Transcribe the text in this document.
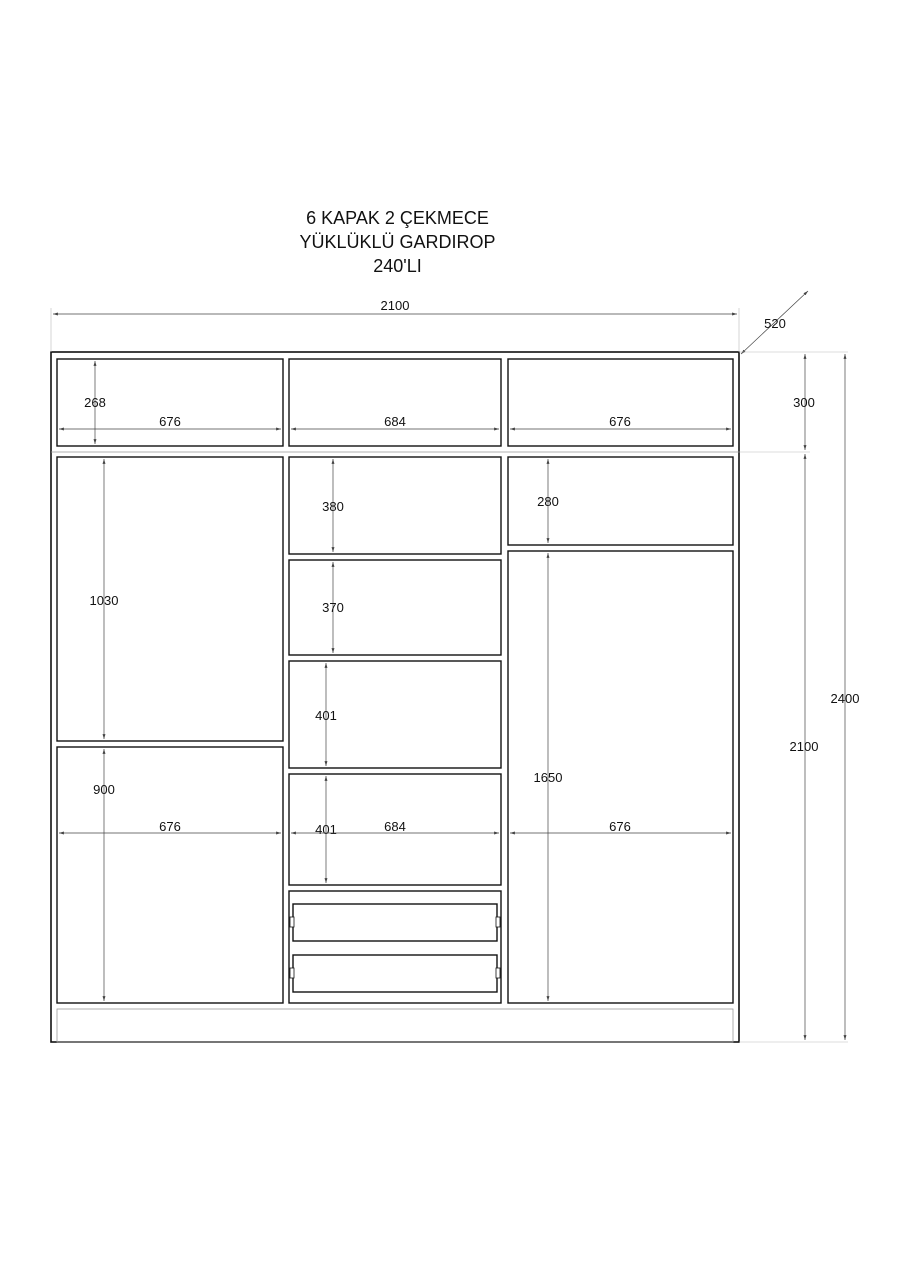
6 KAPAK 2 ÇEKMECE
YÜKLÜKLÜ GARDIROP
240'LI
2100
520
300
2100
2400
268
676	684	676
1030
900
676
380
370
401
401	684
280
1650
676
